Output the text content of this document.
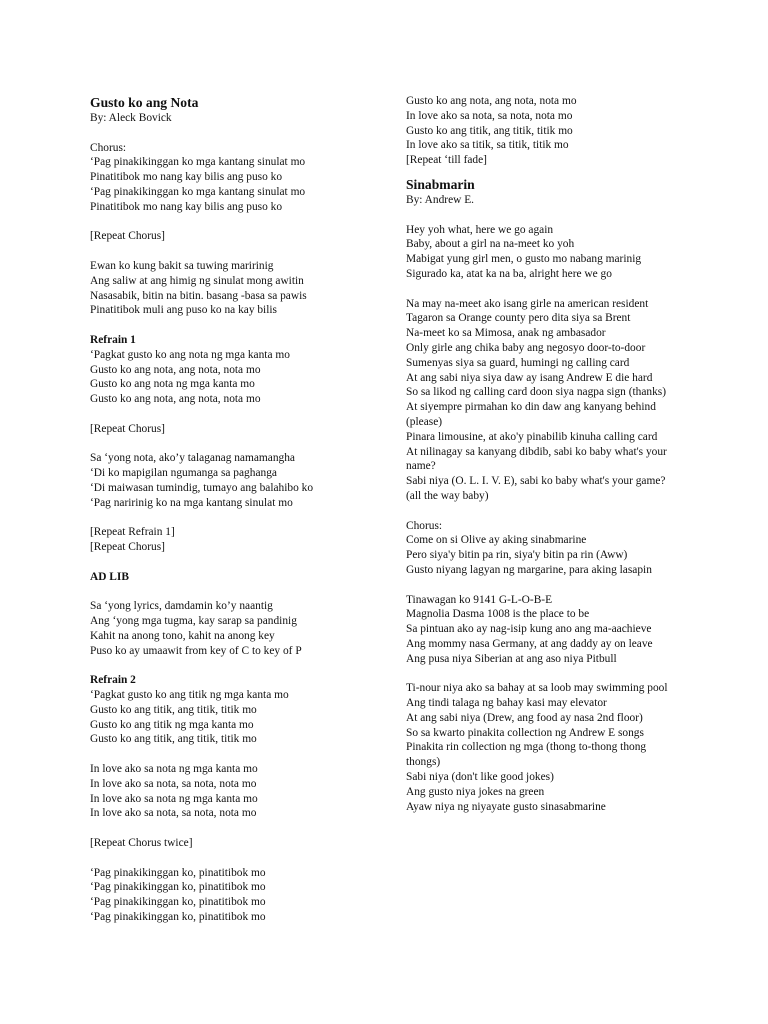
Gusto ko ang Nota
By: Aleck Bovick
Chorus:
‘Pag pinakikinggan ko mga kantang sinulat mo
Pinatitibok mo nang kay bilis ang puso ko
‘Pag pinakikinggan ko mga kantang sinulat mo
Pinatitibok mo nang kay bilis ang puso ko
[Repeat Chorus]
Ewan ko kung bakit sa tuwing maririnig
Ang saliw at ang himig ng sinulat mong awitin
Nasasabik, bitin na bitin. basang -basa sa pawis
Pinatitibok muli ang puso ko na kay bilis
Refrain 1
‘Pagkat gusto ko ang nota ng mga kanta mo
Gusto ko ang nota, ang nota, nota mo
Gusto ko ang nota ng mga kanta mo
Gusto ko ang nota, ang nota, nota mo
[Repeat Chorus]
Sa ‘yong nota, ako’y talaganag namamangha
‘Di ko mapigilan ngumanga sa paghanga
‘Di maiwasan tumindig, tumayo ang balahibo ko
‘Pag naririnig ko na mga kantang sinulat mo
[Repeat Refrain 1]
[Repeat Chorus]
AD LIB
Sa ‘yong lyrics, damdamin ko’y naantig
Ang ‘yong mga tugma, kay sarap sa pandinig
Kahit na anong tono, kahit na anong key
Puso ko ay umaawit from key of C to key of P
Refrain 2
‘Pagkat gusto ko ang titik ng mga kanta mo
Gusto ko ang titik, ang titik, titik mo
Gusto ko ang titik ng mga kanta mo
Gusto ko ang titik, ang titik, titik mo
In love ako sa nota ng mga kanta mo
In love ako sa nota, sa nota, nota mo
In love ako sa nota ng mga kanta mo
In love ako sa nota, sa nota, nota mo
[Repeat Chorus twice]
‘Pag pinakikinggan ko, pinatitibok mo
‘Pag pinakikinggan ko, pinatitibok mo
‘Pag pinakikinggan ko, pinatitibok mo
‘Pag pinakikinggan ko, pinatitibok mo
Gusto ko ang nota, ang nota, nota mo
In love ako sa nota, sa nota, nota mo
Gusto ko ang titik, ang titik, titik mo
In love ako sa titik, sa titik, titik mo
[Repeat ‘till fade]
Sinabmarin
By: Andrew E.
Hey yoh what, here we go again
Baby, about a girl na na-meet ko yoh
Mabigat yung girl men, o gusto mo nabang marinig
Sigurado ka, atat ka na ba, alright here we go
Na may na-meet ako isang girle na american resident
Tagaron sa Orange county pero dita siya sa Brent
Na-meet ko sa Mimosa, anak ng ambasador
Only girle ang chika baby ang negosyo door-to-door
Sumenyas siya sa guard, humingi ng calling card
At ang sabi niya siya daw ay isang Andrew E die hard
So sa likod ng calling card doon siya nagpa sign (thanks)
At siyempre pirmahan ko din daw ang kanyang behind (please)
Pinara limousine, at ako'y pinabilib kinuha calling card
At nilinagay sa kanyang dibdib, sabi ko baby what's your name?
Sabi niya (O. L. I. V. E), sabi ko baby what's your game? (all the way baby)
Chorus:
Come on si Olive ay aking sinabmarine
Pero siya'y bitin pa rin, siya'y bitin pa rin (Aww)
Gusto niyang lagyan ng margarine, para aking lasapin
Tinawagan ko 9141 G-L-O-B-E
Magnolia Dasma 1008 is the place to be
Sa pintuan ako ay nag-isip kung ano ang ma-aachieve
Ang mommy nasa Germany, at ang daddy ay on leave
Ang pusa niya Siberian at ang aso niya Pitbull
Ti-nour niya ako sa bahay at sa loob may swimming pool
Ang tindi talaga ng bahay kasi may elevator
At ang sabi niya (Drew, ang food ay nasa 2nd floor)
So sa kwarto pinakita collection ng Andrew E songs
Pinakita rin collection ng mga (thong to-thong thong thongs)
Sabi niya (don't like good jokes)
Ang gusto niya jokes na green
Ayaw niya ng niyayate gusto sinasabmarine
